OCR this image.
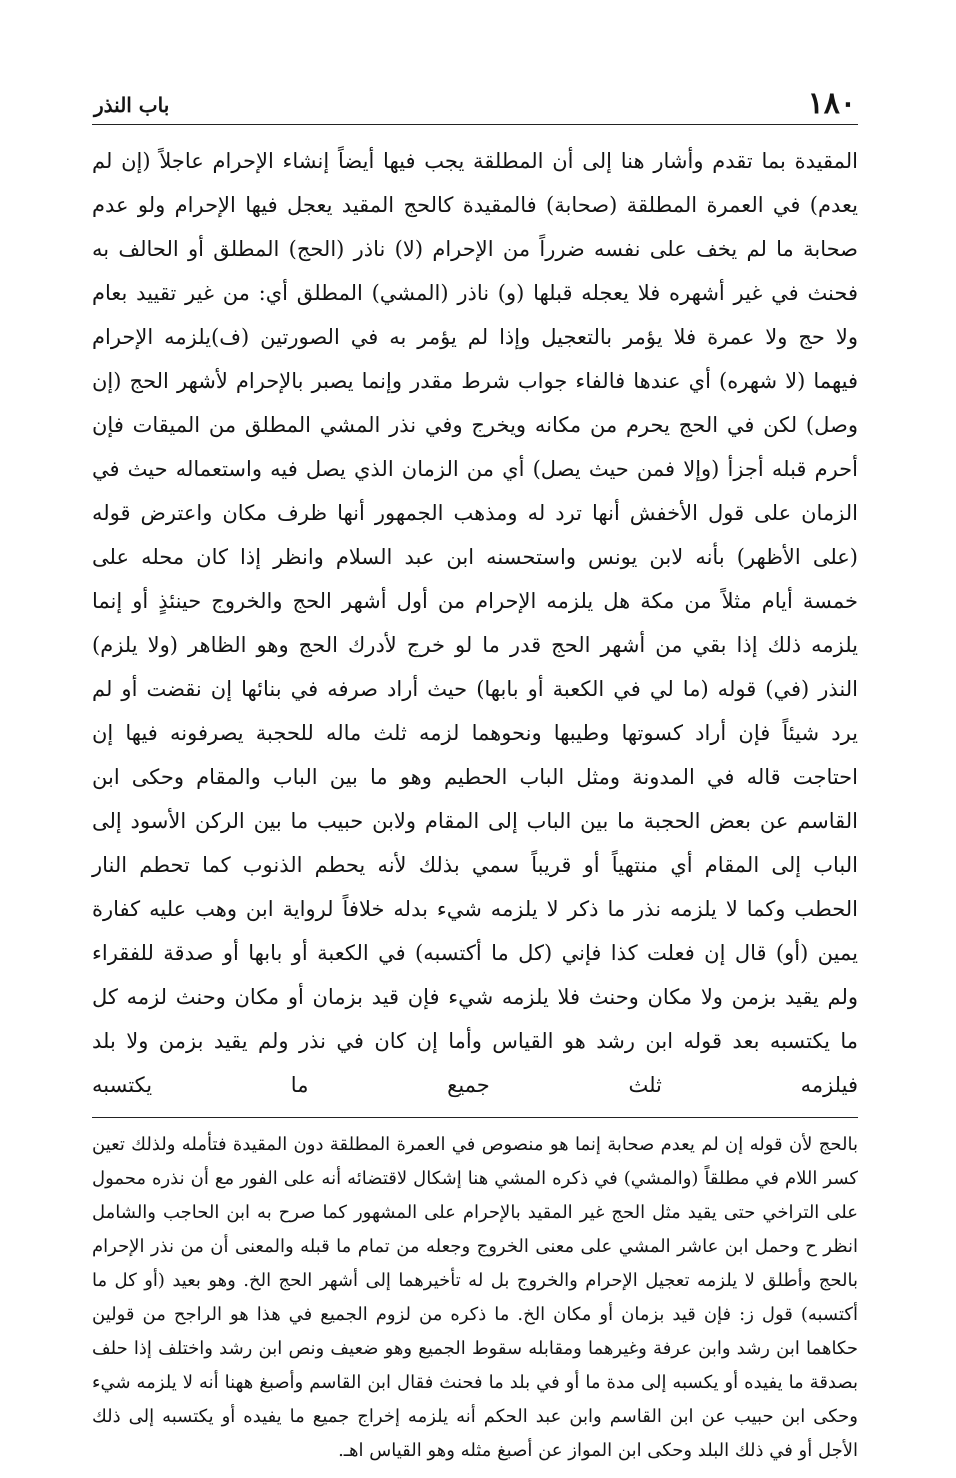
١٨٠
باب النذر
المقيدة بما تقدم وأشار هنا إلى أن المطلقة يجب فيها أيضاً إنشاء الإحرام عاجلاً (إن لم يعدم) في العمرة المطلقة (صحابة) فالمقيدة كالحج المقيد يعجل فيها الإحرام ولو عدم صحابة ما لم يخف على نفسه ضرراً من الإحرام (لا) ناذر (الحج) المطلق أو الحالف به فحنث في غير أشهره فلا يعجله قبلها (و) ناذر (المشي) المطلق أي: من غير تقييد بعام ولا حج ولا عمرة فلا يؤمر بالتعجيل وإذا لم يؤمر به في الصورتين (ف)يلزمه الإحرام فيهما (لا شهره) أي عندها فالفاء جواب شرط مقدر وإنما يصبر بالإحرام لأشهر الحج (إن وصل) لكن في الحج يحرم من مكانه ويخرج وفي نذر المشي المطلق من الميقات فإن أحرم قبله أجزأ (وإلا فمن حيث يصل) أي من الزمان الذي يصل فيه واستعماله حيث في الزمان على قول الأخفش أنها ترد له ومذهب الجمهور أنها ظرف مكان واعترض قوله (على الأظهر) بأنه لابن يونس واستحسنه ابن عبد السلام وانظر إذا كان محله على خمسة أيام مثلاً من مكة هل يلزمه الإحرام من أول أشهر الحج والخروج حينئذٍ أو إنما يلزمه ذلك إذا بقي من أشهر الحج قدر ما لو خرج لأدرك الحج وهو الظاهر (ولا يلزم) النذر (في) قوله (ما لي في الكعبة أو بابها) حيث أراد صرفه في بنائها إن نقضت أو لم يرد شيئاً فإن أراد كسوتها وطيبها ونحوهما لزمه ثلث ماله للحجبة يصرفونه فيها إن احتاجت قاله في المدونة ومثل الباب الحطيم وهو ما بين الباب والمقام وحكى ابن القاسم عن بعض الحجبة ما بين الباب إلى المقام ولابن حبيب ما بين الركن الأسود إلى الباب إلى المقام أي منتهياً أو قريباً سمي بذلك لأنه يحطم الذنوب كما تحطم النار الحطب وكما لا يلزمه نذر ما ذكر لا يلزمه شيء بدله خلافاً لرواية ابن وهب عليه كفارة يمين (أو) قال إن فعلت كذا فإني (كل ما أكتسبه) في الكعبة أو بابها أو صدقة للفقراء ولم يقيد بزمن ولا مكان وحنث فلا يلزمه شيء فإن قيد بزمان أو مكان وحنث لزمه كل ما يكتسبه بعد قوله ابن رشد هو القياس وأما إن كان في نذر ولم يقيد بزمن ولا بلد فيلزمه ثلث جميع ما يكتسبه
بالحج لأن قوله إن لم يعدم صحابة إنما هو منصوص في العمرة المطلقة دون المقيدة فتأمله ولذلك تعين كسر اللام في مطلقاً (والمشي) في ذكره المشي هنا إشكال لاقتضائه أنه على الفور مع أن نذره محمول على التراخي حتى يقيد مثل الحج غير المقيد بالإحرام على المشهور كما صرح به ابن الحاجب والشامل انظر ح وحمل ابن عاشر المشي على معنى الخروج وجعله من تمام ما قبله والمعنى أن من نذر الإحرام بالحج وأطلق لا يلزمه تعجيل الإحرام والخروج بل له تأخيرهما إلى أشهر الحج الخ. وهو بعيد (أو كل ما أكتسبه) قول ز: فإن قيد بزمان أو مكان الخ. ما ذكره من لزوم الجميع في هذا هو الراجح من قولين حكاهما ابن رشد وابن عرفة وغيرهما ومقابله سقوط الجميع وهو ضعيف ونص ابن رشد واختلف إذا حلف بصدقة ما يفيده أو يكسبه إلى مدة ما أو في بلد ما فحنث فقال ابن القاسم وأصبغ ههنا أنه لا يلزمه شيء وحكى ابن حبيب عن ابن القاسم وابن عبد الحكم أنه يلزمه إخراج جميع ما يفيده أو يكتسبه إلى ذلك الأجل أو في ذلك البلد وحكى ابن المواز عن أصبغ مثله وهو القياس اهـ.
